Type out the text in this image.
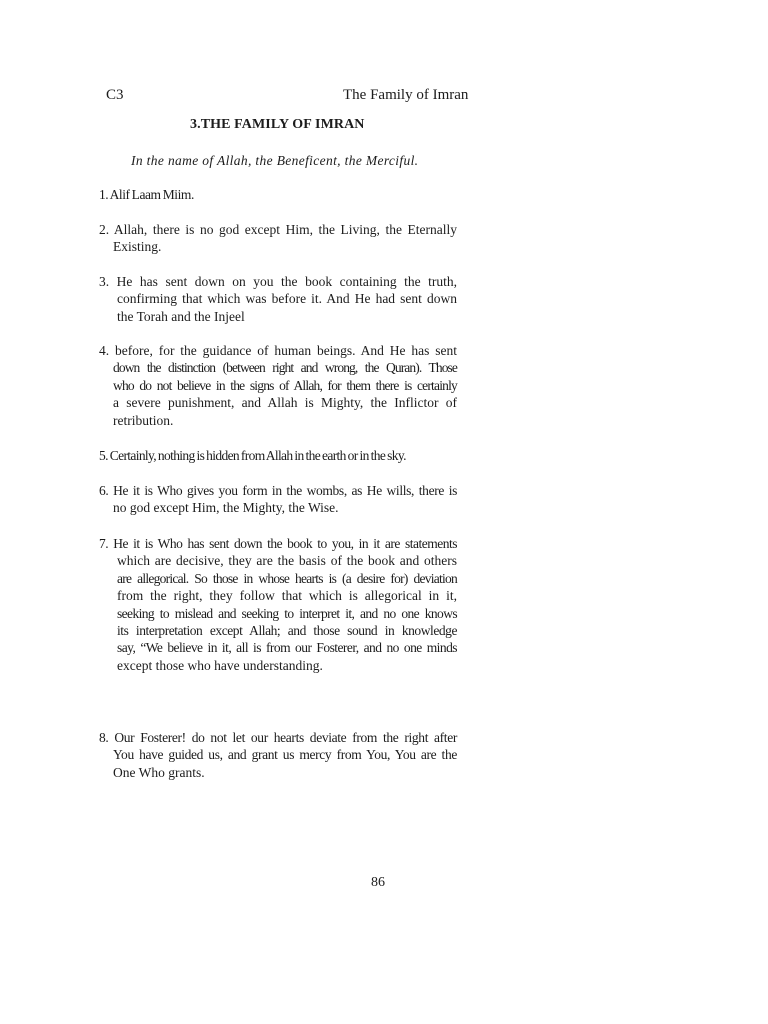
C3	The Family of Imran
3.THE FAMILY OF IMRAN

In the name of Allah, the Beneficent, the Merciful.

1. Alif Laam Miim.

2. Allah, there is no god except Him, the Living, the Eternally
Existing.

3. He has sent down on you the book containing the truth,
confirming that which was before it. And He had sent down
the Torah and the Injeel

4. before, for the guidance of human beings. And He has sent
down the distinction (between right and wrong, the Quran). Those
who do not believe in the signs of Allah, for them there is certainly
a severe punishment, and Allah is Mighty, the Inflictor of
retribution.

5. Certainly, nothing is hidden from Allah in the earth or in the sky.

6. He it is Who gives you form in the wombs, as He wills, there is
no god except Him, the Mighty, the Wise.

7. He it is Who has sent down the book to you, in it are statements
which are decisive, they are the basis of the book and others
are allegorical. So those in whose hearts is (a desire for) deviation
from the right, they follow that which is allegorical in it,
seeking to mislead and seeking to interpret it, and no one knows
its interpretation except Allah; and those sound in knowledge
say, “We believe in it, all is from our Fosterer, and no one minds
except those who have understanding.

8. Our Fosterer! do not let our hearts deviate from the right after
You have guided us, and grant us mercy from You, You are the
One Who grants.

86
